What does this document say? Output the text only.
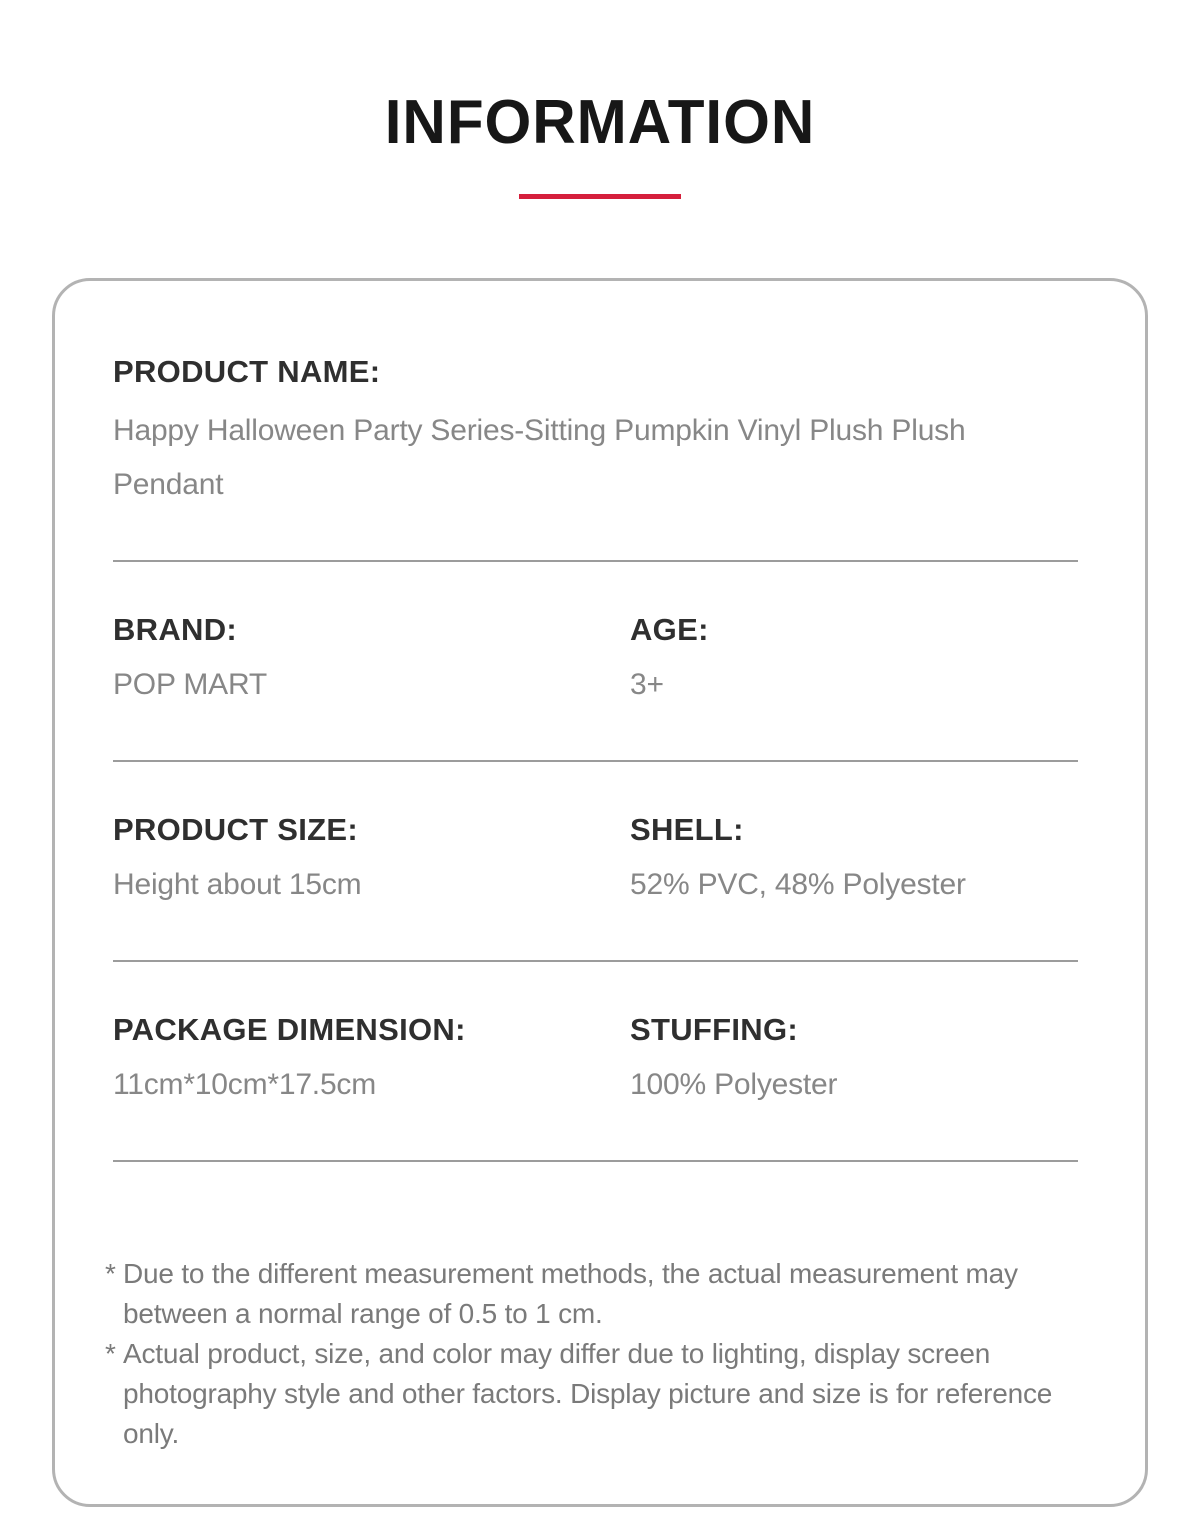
INFORMATION
PRODUCT NAME:
Happy Halloween Party Series-Sitting Pumpkin Vinyl Plush Plush Pendant
BRAND:
POP MART
AGE:
3+
PRODUCT SIZE:
Height about 15cm
SHELL:
52% PVC, 48% Polyester
PACKAGE DIMENSION:
11cm*10cm*17.5cm
STUFFING:
100% Polyester
* Due to the different measurement methods, the actual measurement may between a normal range of 0.5 to 1 cm.
* Actual product, size, and color may differ due to lighting, display screen photography style and other factors. Display picture and size is for reference only.
